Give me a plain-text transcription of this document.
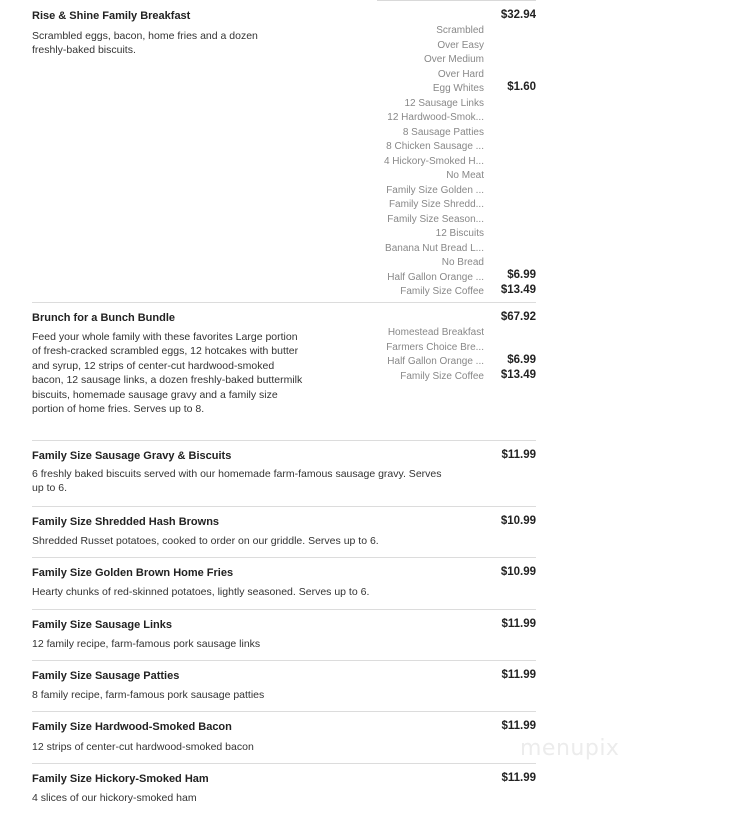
Rise & Shine Family Breakfast
Scrambled eggs, bacon, home fries and a dozen freshly-baked biscuits.
$32.94
Scrambled
Over Easy
Over Medium
Over Hard
Egg Whites $1.60
12 Sausage Links
12 Hardwood-Smok...
8 Sausage Patties
8 Chicken Sausage ...
4 Hickory-Smoked H...
No Meat
Family Size Golden ...
Family Size Shredd...
Family Size Season...
12 Biscuits
Banana Nut Bread L...
No Bread
Half Gallon Orange ... $6.99
Family Size Coffee $13.49
Brunch for a Bunch Bundle
Feed your whole family with these favorites Large portion of fresh-cracked scrambled eggs, 12 hotcakes with butter and syrup, 12 strips of center-cut hardwood-smoked bacon, 12 sausage links, a dozen freshly-baked buttermilk biscuits, homemade sausage gravy and a family size portion of home fries. Serves up to 8.
$67.92
Homestead Breakfast
Farmers Choice Bre...
Half Gallon Orange ... $6.99
Family Size Coffee $13.49
Family Size Sausage Gravy & Biscuits
6 freshly baked biscuits served with our homemade farm-famous sausage gravy. Serves up to 6.
$11.99
Family Size Shredded Hash Browns
Shredded Russet potatoes, cooked to order on our griddle. Serves up to 6.
$10.99
Family Size Golden Brown Home Fries
Hearty chunks of red-skinned potatoes, lightly seasoned. Serves up to 6.
$10.99
Family Size Sausage Links
12 family recipe, farm-famous pork sausage links
$11.99
Family Size Sausage Patties
8 family recipe, farm-famous pork sausage patties
$11.99
Family Size Hardwood-Smoked Bacon
12 strips of center-cut hardwood-smoked bacon
$11.99
Family Size Hickory-Smoked Ham
4 slices of our hickory-smoked ham
$11.99
menupix
